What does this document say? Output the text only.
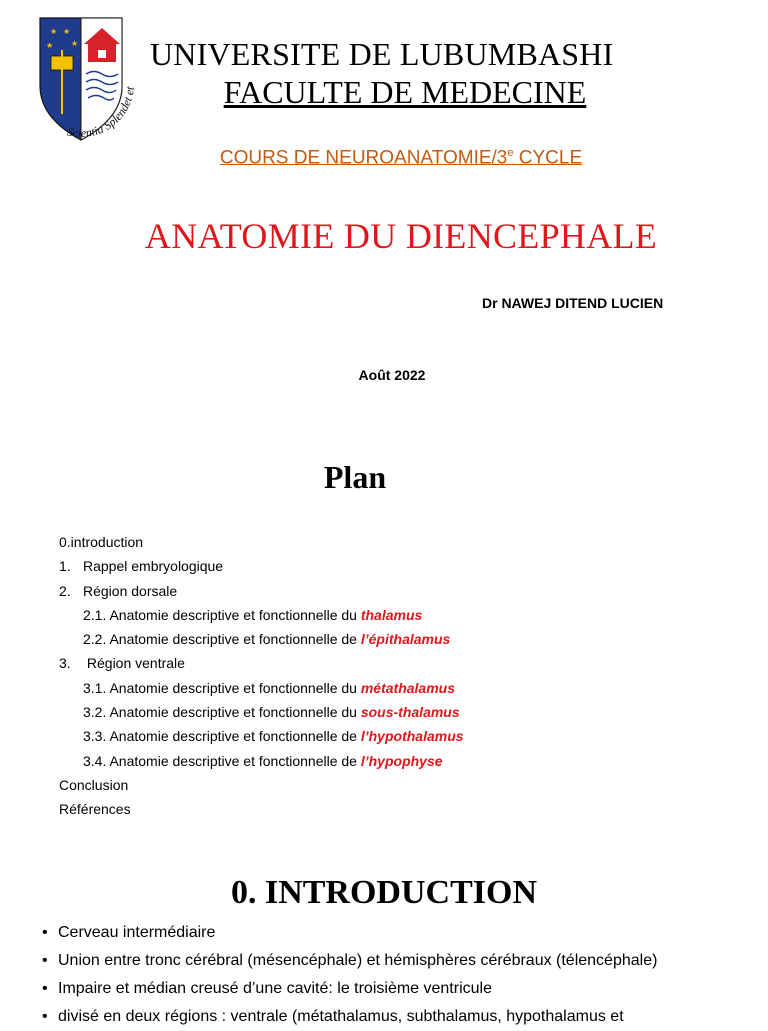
★ ★
★
★
Scientia Splendet et
UNIVERSITE DE LUBUMBASHI
FACULTE DE MEDECINE
COURS DE NEUROANATOMIE/3e CYCLE
ANATOMIE DU DIENCEPHALE
Dr NAWEJ DITEND LUCIEN
Août 2022
Plan
0.introduction
1. Rappel embryologique
2. Région dorsale
2.1. Anatomie descriptive et fonctionnelle du thalamus
2.2. Anatomie descriptive et fonctionnelle de l’épithalamus
3. Région ventrale
3.1. Anatomie descriptive et fonctionnelle du métathalamus
3.2. Anatomie descriptive et fonctionnelle du sous-thalamus
3.3. Anatomie descriptive et fonctionnelle de l’hypothalamus
3.4. Anatomie descriptive et fonctionnelle de l’hypophyse
Conclusion
Références
0. INTRODUCTION
• Cerveau intermédiaire
• Union entre tronc cérébral (mésencéphale) et hémisphères cérébraux (télencéphale)
• Impaire et médian creusé d’une cavité: le troisième ventricule
• divisé en deux régions : ventrale (métathalamus, subthalamus, hypothalamus et
